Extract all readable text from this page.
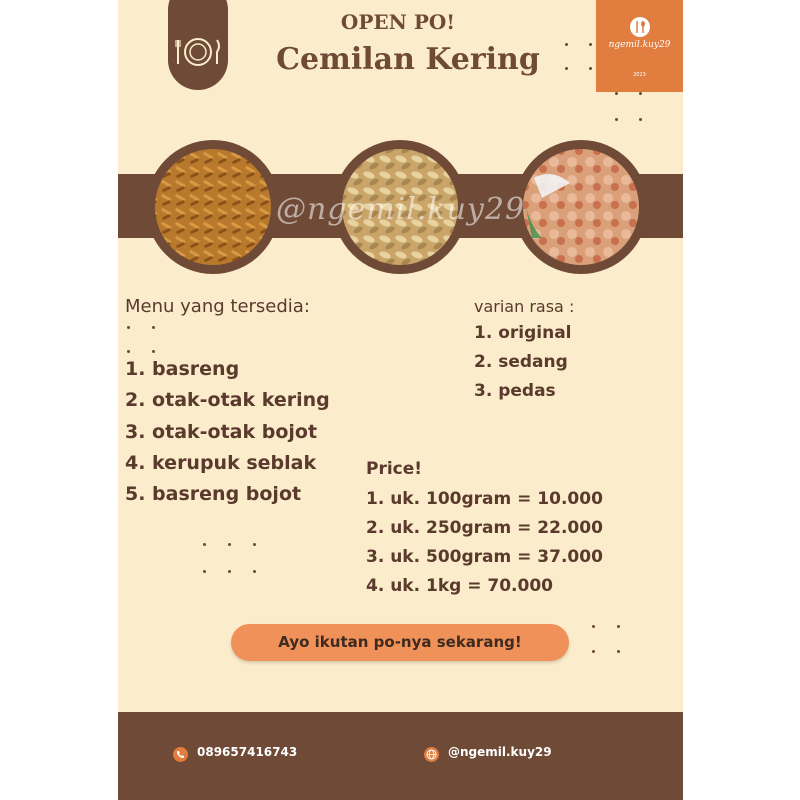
ngemil.kuy29
2023
OPEN PO!
Cemilan Kering
@ngemil.kuy29
Menu yang tersedia:
1. basreng
2. otak-otak kering
3. otak-otak bojot
4. kerupuk seblak
5. basreng bojot
varian rasa :
1. original
2. sedang
3. pedas
Price!
1. uk. 100gram = 10.000
2. uk. 250gram = 22.000
3. uk. 500gram = 37.000
4. uk. 1kg = 70.000
Ayo ikutan po-nya sekarang!
089657416743	@ngemil.kuy29
